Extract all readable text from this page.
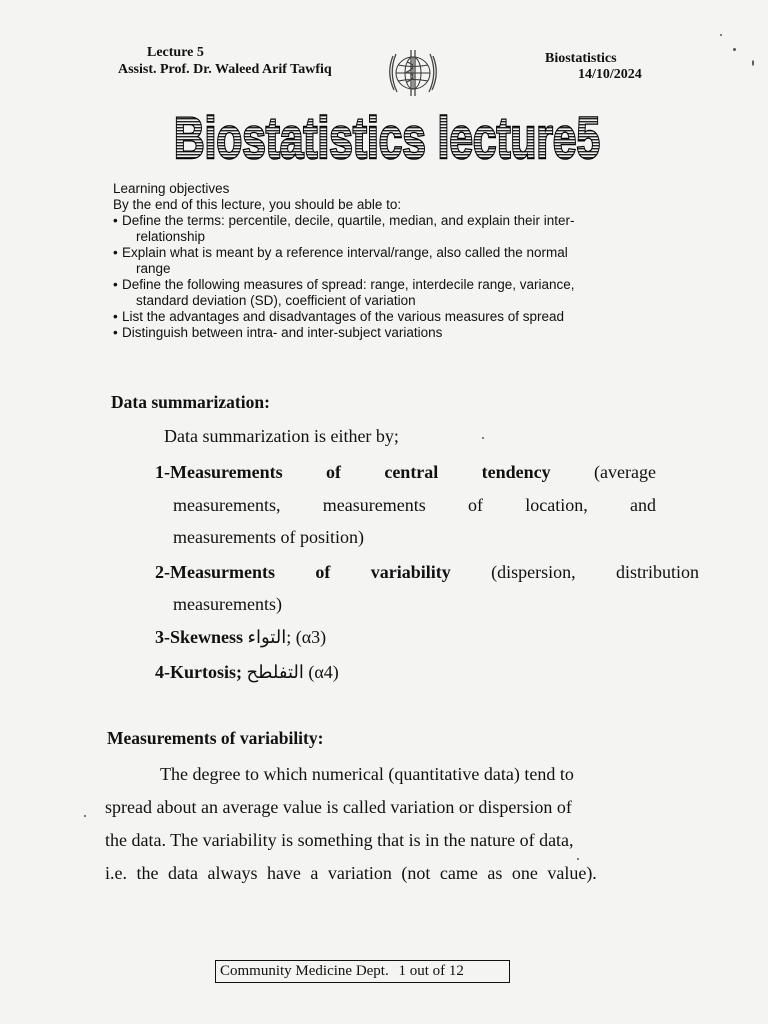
Lecture 5
Assist. Prof. Dr. Waleed Arif Tawfiq
Biostatistics
14/10/2024
Biostatistics lecture5
Learning objectives
By the end of this lecture, you should be able to:
• Define the terms: percentile, decile, quartile, median, and explain their inter-
relationship
• Explain what is meant by a reference interval/range, also called the normal
range
• Define the following measures of spread: range, interdecile range, variance,
standard deviation (SD), coefficient of variation
• List the advantages and disadvantages of the various measures of spread
• Distinguish between intra- and inter-subject variations
Data summarization:
Data summarization is either by;
1-Measurements of central tendency (average
measurements, measurements of location, and
measurements of position)
2-Measurments of variability (dispersion, distribution
measurements)
3-Skewness التواء; (α3)
4-Kurtosis; التفلطح (α4)
Measurements of variability:
The degree to which numerical (quantitative data) tend to
spread about an average value is called variation or dispersion of
the data. The variability is something that is in the nature of data,
i.e. the data always have a variation (not came as one value).
Community Medicine Dept. 1 out of 12
